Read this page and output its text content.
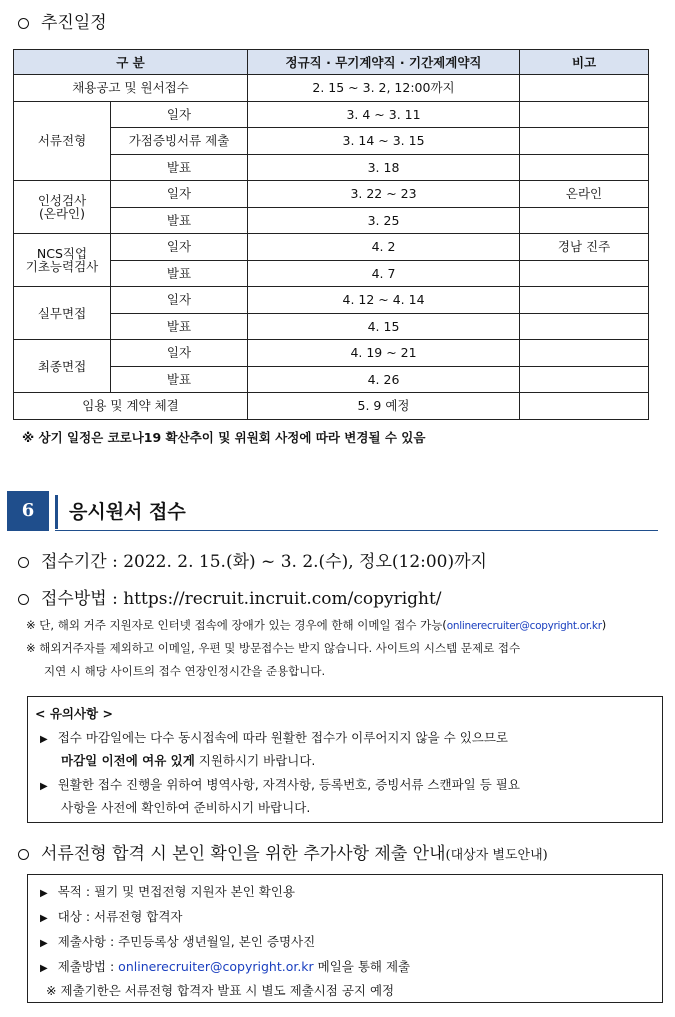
추진일정
구 분		정규직 · 무기계약직 · 기간제계약직	비고
채용공고 및 원서접수		2. 15 ~ 3. 2, 12:00까지	
서류전형	일자	3. 4 ~ 3. 11	
	가점증빙서류 제출	3. 14 ~ 3. 15	
	발표	3. 18	
인성검사
(온라인)	일자	3. 22 ~ 23	온라인
	발표	3. 25	
NCS직업
기초능력검사	일자	4. 2	경남 진주
	발표	4. 7	
실무면접	일자	4. 12 ~ 4. 14	
	발표	4. 15	
최종면접	일자	4. 19 ~ 21	
	발표	4. 26	
임용 및 계약 체결		5. 9 예정	
※ 상기 일정은 코로나19 확산추이 및 위원회 사정에 따라 변경될 수 있음
6	응시원서 접수
접수기간 : 2022. 2. 15.(화) ~ 3. 2.(수), 정오(12:00)까지
접수방법 : https://recruit.incruit.com/copyright/
※ 단, 해외 거주 지원자로 인터넷 접속에 장애가 있는 경우에 한해 이메일 접수 가능(onlinerecruiter@copyright.or.kr)
※ 해외거주자를 제외하고 이메일, 우편 및 방문접수는 받지 않습니다. 사이트의 시스템 문제로 접수
지연 시 해당 사이트의 접수 연장인정시간을 준용합니다.
< 유의사항 >
▶ 접수 마감일에는 다수 동시접속에 따라 원활한 접수가 이루어지지 않을 수 있으므로
마감일 이전에 여유 있게 지원하시기 바랍니다.
▶ 원활한 접수 진행을 위하여 병역사항, 자격사항, 등록번호, 증빙서류 스캔파일 등 필요
사항을 사전에 확인하여 준비하시기 바랍니다.
서류전형 합격 시 본인 확인을 위한 추가사항 제출 안내(대상자 별도안내)
▶ 목적 : 필기 및 면접전형 지원자 본인 확인용
▶ 대상 : 서류전형 합격자
▶ 제출사항 : 주민등록상 생년월일, 본인 증명사진
▶ 제출방법 : onlinerecruiter@copyright.or.kr 메일을 통해 제출
※ 제출기한은 서류전형 합격자 발표 시 별도 제출시점 공지 예정
